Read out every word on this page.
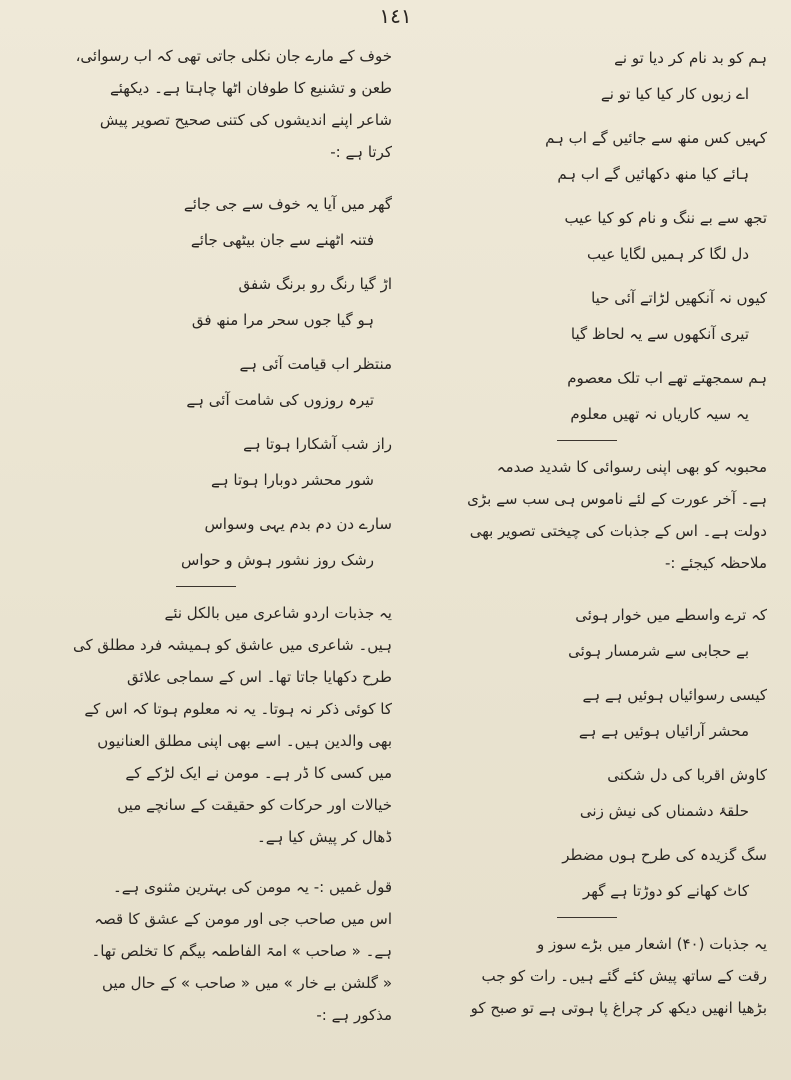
١٤١

ہم کو بد نام کر دیا تو نے

اے زبوں کار کیا کیا تو نے

کہیں کس منھ سے جائیں گے اب ہم

ہائے کیا منھ دکھائیں گے اب ہم

تجھ سے بے ننگ و نام کو کیا عیب

دل لگا کر ہمیں لگایا عیب

کیوں نہ آنکھیں لڑاتے آئی حیا

تیری آنکھوں سے یہ لحاظ گیا

ہم سمجھتے تھے اب تلک معصوم

یہ سیہ کاریاں نہ تھیں معلوم

محبوبہ کو بھی اپنی رسوائی کا شدید صدمہ

ہے۔ آخر عورت کے لئے ناموس ہی سب سے بڑی

دولت ہے۔ اس کے جذبات کی چیختی تصویر بھی

ملاحظہ کیجئے :-

کہ ترے واسطے میں خوار ہوئی

بے حجابی سے شرمسار ہوئی

کیسی رسوائیاں ہوئیں ہے ہے

محشر آرائیاں ہوئیں ہے ہے

کاوش اقربا کی دل شکنی

حلقۂ دشمناں کی نیش زنی

سگ گزیدہ کی طرح ہوں مضطر

کاٹ کھانے کو دوڑتا ہے گھر

یہ جذبات (۴۰) اشعار میں بڑے سوز و

رقت کے ساتھ پیش کئے گئے ہیں۔ رات کو جب

بڑھیا انھیں دیکھ کر چراغ پا ہوتی ہے تو صبح کو

خوف کے مارے جان نکلی جاتی تھی کہ اب رسوائی،

طعن و تشنیع کا طوفان اٹھا چاہتا ہے۔ دیکھئے

شاعر اپنے اندیشوں کی کتنی صحیح تصویر پیش

کرتا ہے :-

گھر میں آیا یہ خوف سے جی جائے

فتنہ اٹھنے سے جان بیٹھی جائے

اڑ گیا رنگ رو برنگ شفق

ہو گیا جوں سحر مرا منھ فق

منتظر اب قیامت آئی ہے

تیرہ روزوں کی شامت آئی ہے

راز شب آشکارا ہوتا ہے

شور محشر دوبارا ہوتا ہے

سارے دن دم بدم یہی وسواس

رشک روز نشور ہوش و حواس

یہ جذبات اردو شاعری میں بالکل نئے

ہیں۔ شاعری میں عاشق کو ہمیشہ فرد مطلق کی

طرح دکھایا جاتا تھا۔ اس کے سماجی علائق

کا کوئی ذکر نہ ہوتا۔ یہ نہ معلوم ہوتا کہ اس کے

بھی والدین ہیں۔ اسے بھی اپنی مطلق العنانیوں

میں کسی کا ڈر ہے۔ مومن نے ایک لڑکے کے

خیالات اور حرکات کو حقیقت کے سانچے میں

ڈھال کر پیش کیا ہے۔

قول غمیں :- یہ مومن کی بہترین مثنوی ہے۔

اس میں صاحب جی اور مومن کے عشق کا قصہ

ہے۔ « صاحب » امۃ الفاطمہ بیگم کا تخلص تھا۔

« گلشن بے خار » میں « صاحب » کے حال میں

مذکور ہے :-
